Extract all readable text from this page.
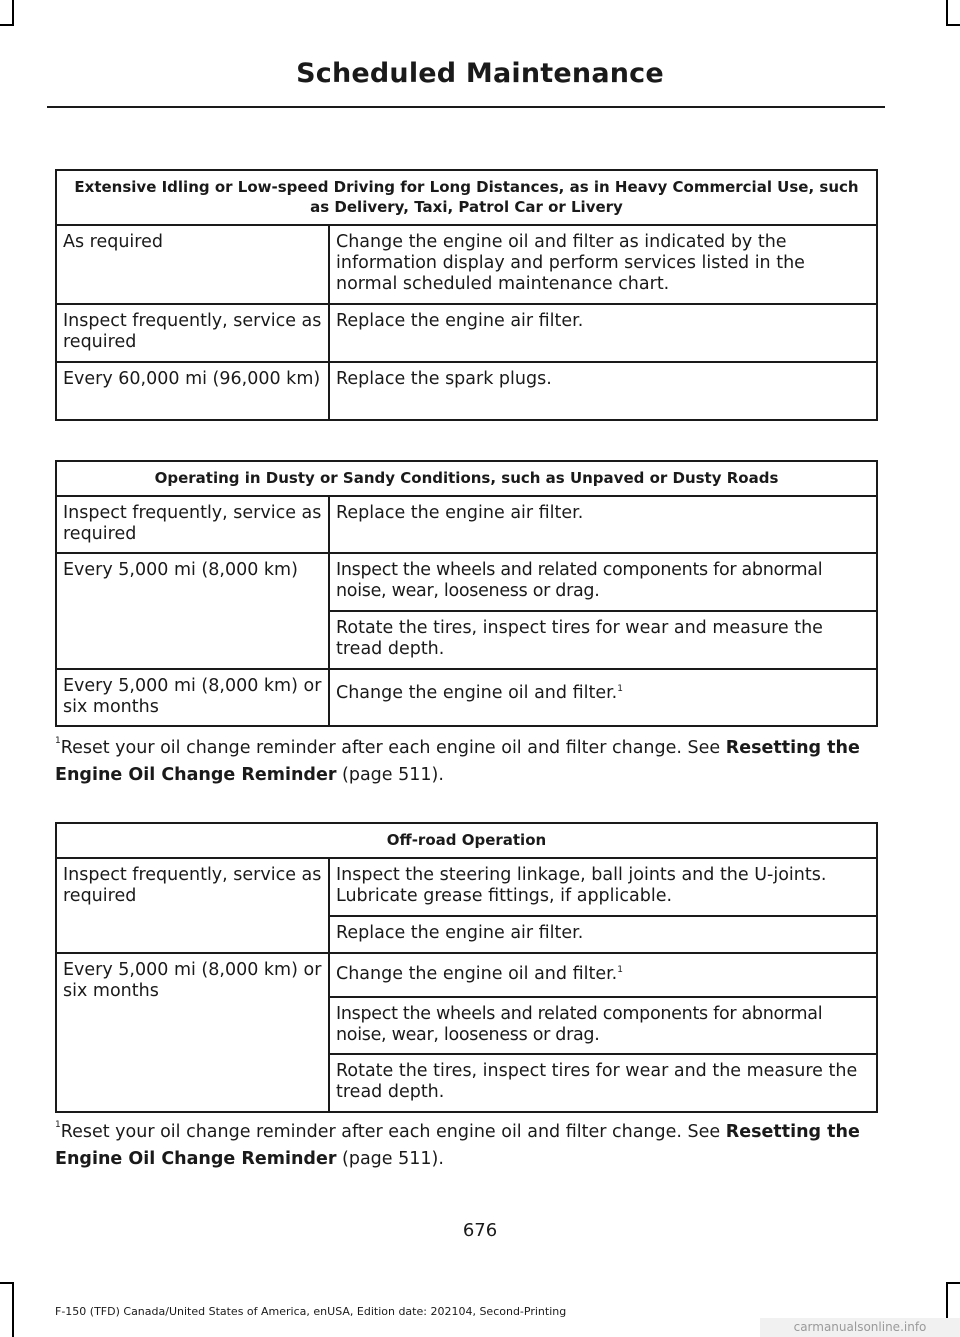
Scheduled Maintenance
Extensive Idling or Low-speed Driving for Long Distances, as in Heavy Commercial Use, such as Delivery, Taxi, Patrol Car or Livery	
As required	Change the engine oil and filter as indicated by the information display and perform services listed in the normal scheduled maintenance chart.
Inspect frequently, service as required	Replace the engine air filter.
Every 60,000 mi (96,000 km)	Replace the spark plugs.
Operating in Dusty or Sandy Conditions, such as Unpaved or Dusty Roads	
Inspect frequently, service as required	Replace the engine air filter.
Every 5,000 mi (8,000 km)	Inspect the wheels and related components for abnormal noise, wear, looseness or drag.
	Rotate the tires, inspect tires for wear and measure the tread depth.
Every 5,000 mi (8,000 km) or six months	Change the engine oil and filter.$^1$
$^1$Reset your oil change reminder after each engine oil and filter change. See Resetting the Engine Oil Change Reminder (page 511).
Off-road Operation	
Inspect frequently, service as required	Inspect the steering linkage, ball joints and the U-joints. Lubricate grease fittings, if applicable.
	Replace the engine air filter.
Every 5,000 mi (8,000 km) or six months	Change the engine oil and filter.$^1$
	Inspect the wheels and related components for abnormal noise, wear, looseness or drag.
	Rotate the tires, inspect tires for wear and the measure the tread depth.
$^1$Reset your oil change reminder after each engine oil and filter change. See Resetting the Engine Oil Change Reminder (page 511).
676
F-150 (TFD) Canada/United States of America, enUSA, Edition date: 202104, Second-Printing
carmanualsonline.info
